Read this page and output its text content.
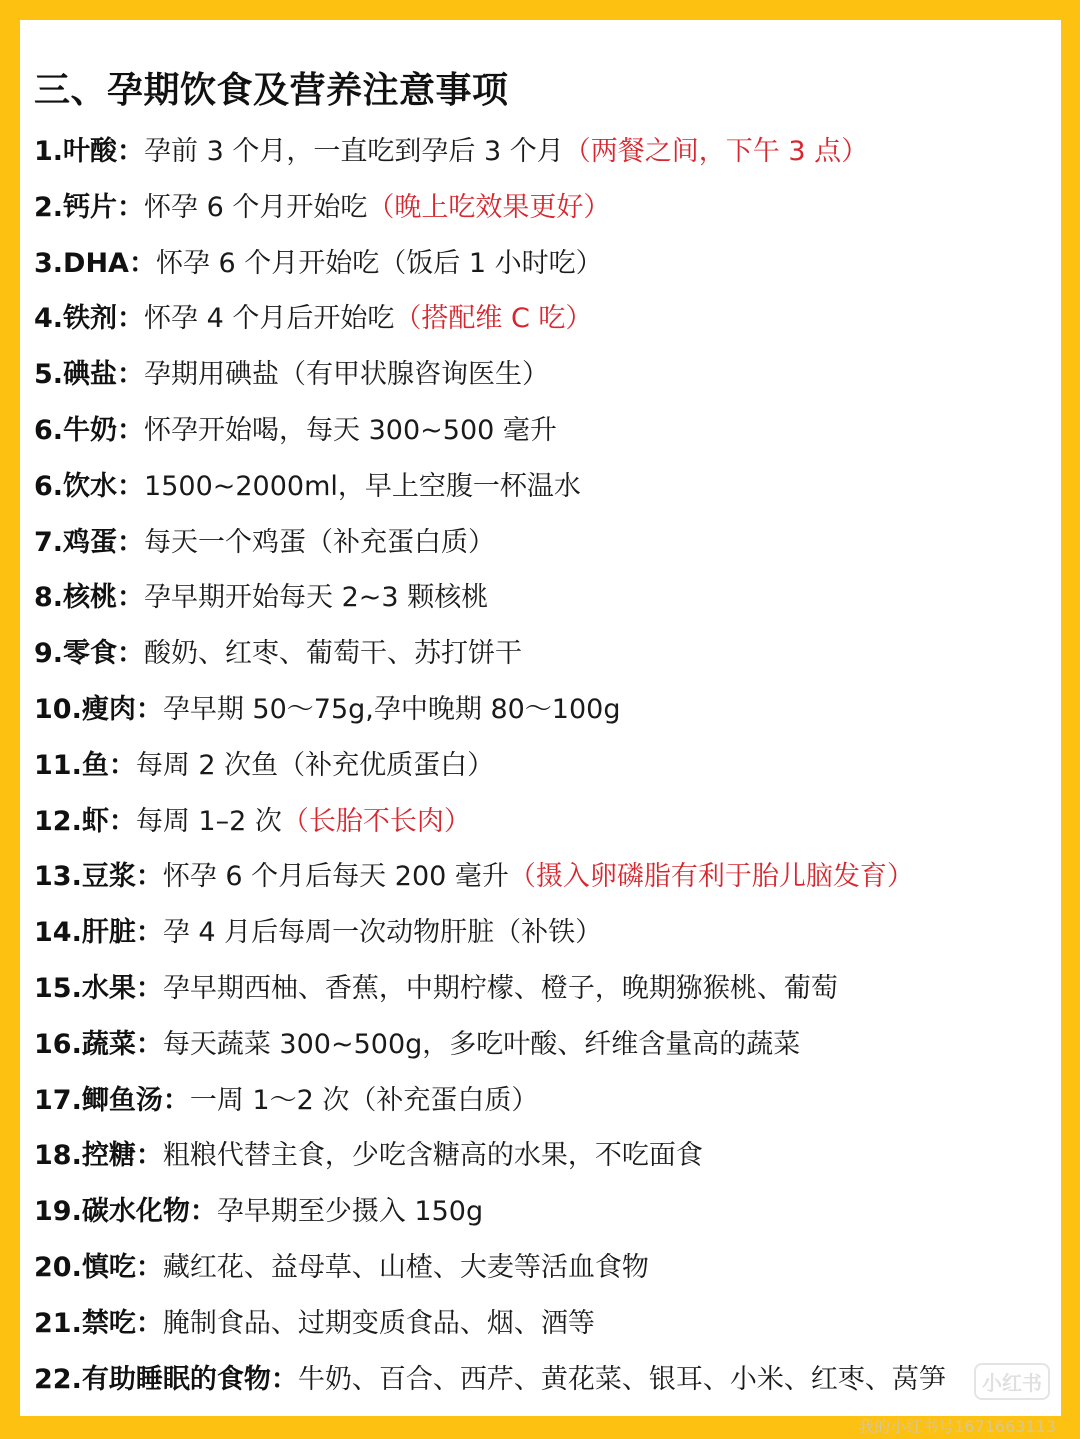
三、孕期饮食及营养注意事项
1.叶酸：孕前 3 个月，一直吃到孕后 3 个月（两餐之间，下午 3 点）
2.钙片：怀孕 6 个月开始吃（晚上吃效果更好）
3.DHA：怀孕 6 个月开始吃（饭后 1 小时吃）
4.铁剂：怀孕 4 个月后开始吃（搭配维 C 吃）
5.碘盐：孕期用碘盐（有甲状腺咨询医生）
6.牛奶：怀孕开始喝，每天 300~500 毫升
6.饮水：1500~2000ml，早上空腹一杯温水
7.鸡蛋：每天一个鸡蛋（补充蛋白质）
8.核桃：孕早期开始每天 2~3 颗核桃
9.零食：酸奶、红枣、葡萄干、苏打饼干
10.瘦肉：孕早期 50～75g,孕中晚期 80～100g
11.鱼：每周 2 次鱼（补充优质蛋白）
12.虾：每周 1–2 次（长胎不长肉）
13.豆浆：怀孕 6 个月后每天 200 毫升（摄入卵磷脂有利于胎儿脑发育）
14.肝脏：孕 4 月后每周一次动物肝脏（补铁）
15.水果：孕早期西柚、香蕉，中期柠檬、橙子，晚期猕猴桃、葡萄
16.蔬菜：每天蔬菜 300~500g，多吃叶酸、纤维含量高的蔬菜
17.鲫鱼汤：一周 1～2 次（补充蛋白质）
18.控糖：粗粮代替主食，少吃含糖高的水果，不吃面食
19.碳水化物：孕早期至少摄入 150g
20.慎吃：藏红花、益母草、山楂、大麦等活血食物
21.禁吃：腌制食品、过期变质食品、烟、酒等
22.有助睡眠的食物：牛奶、百合、西芹、黄花菜、银耳、小米、红枣、莴笋	小红书
我的小红书号1671663113
